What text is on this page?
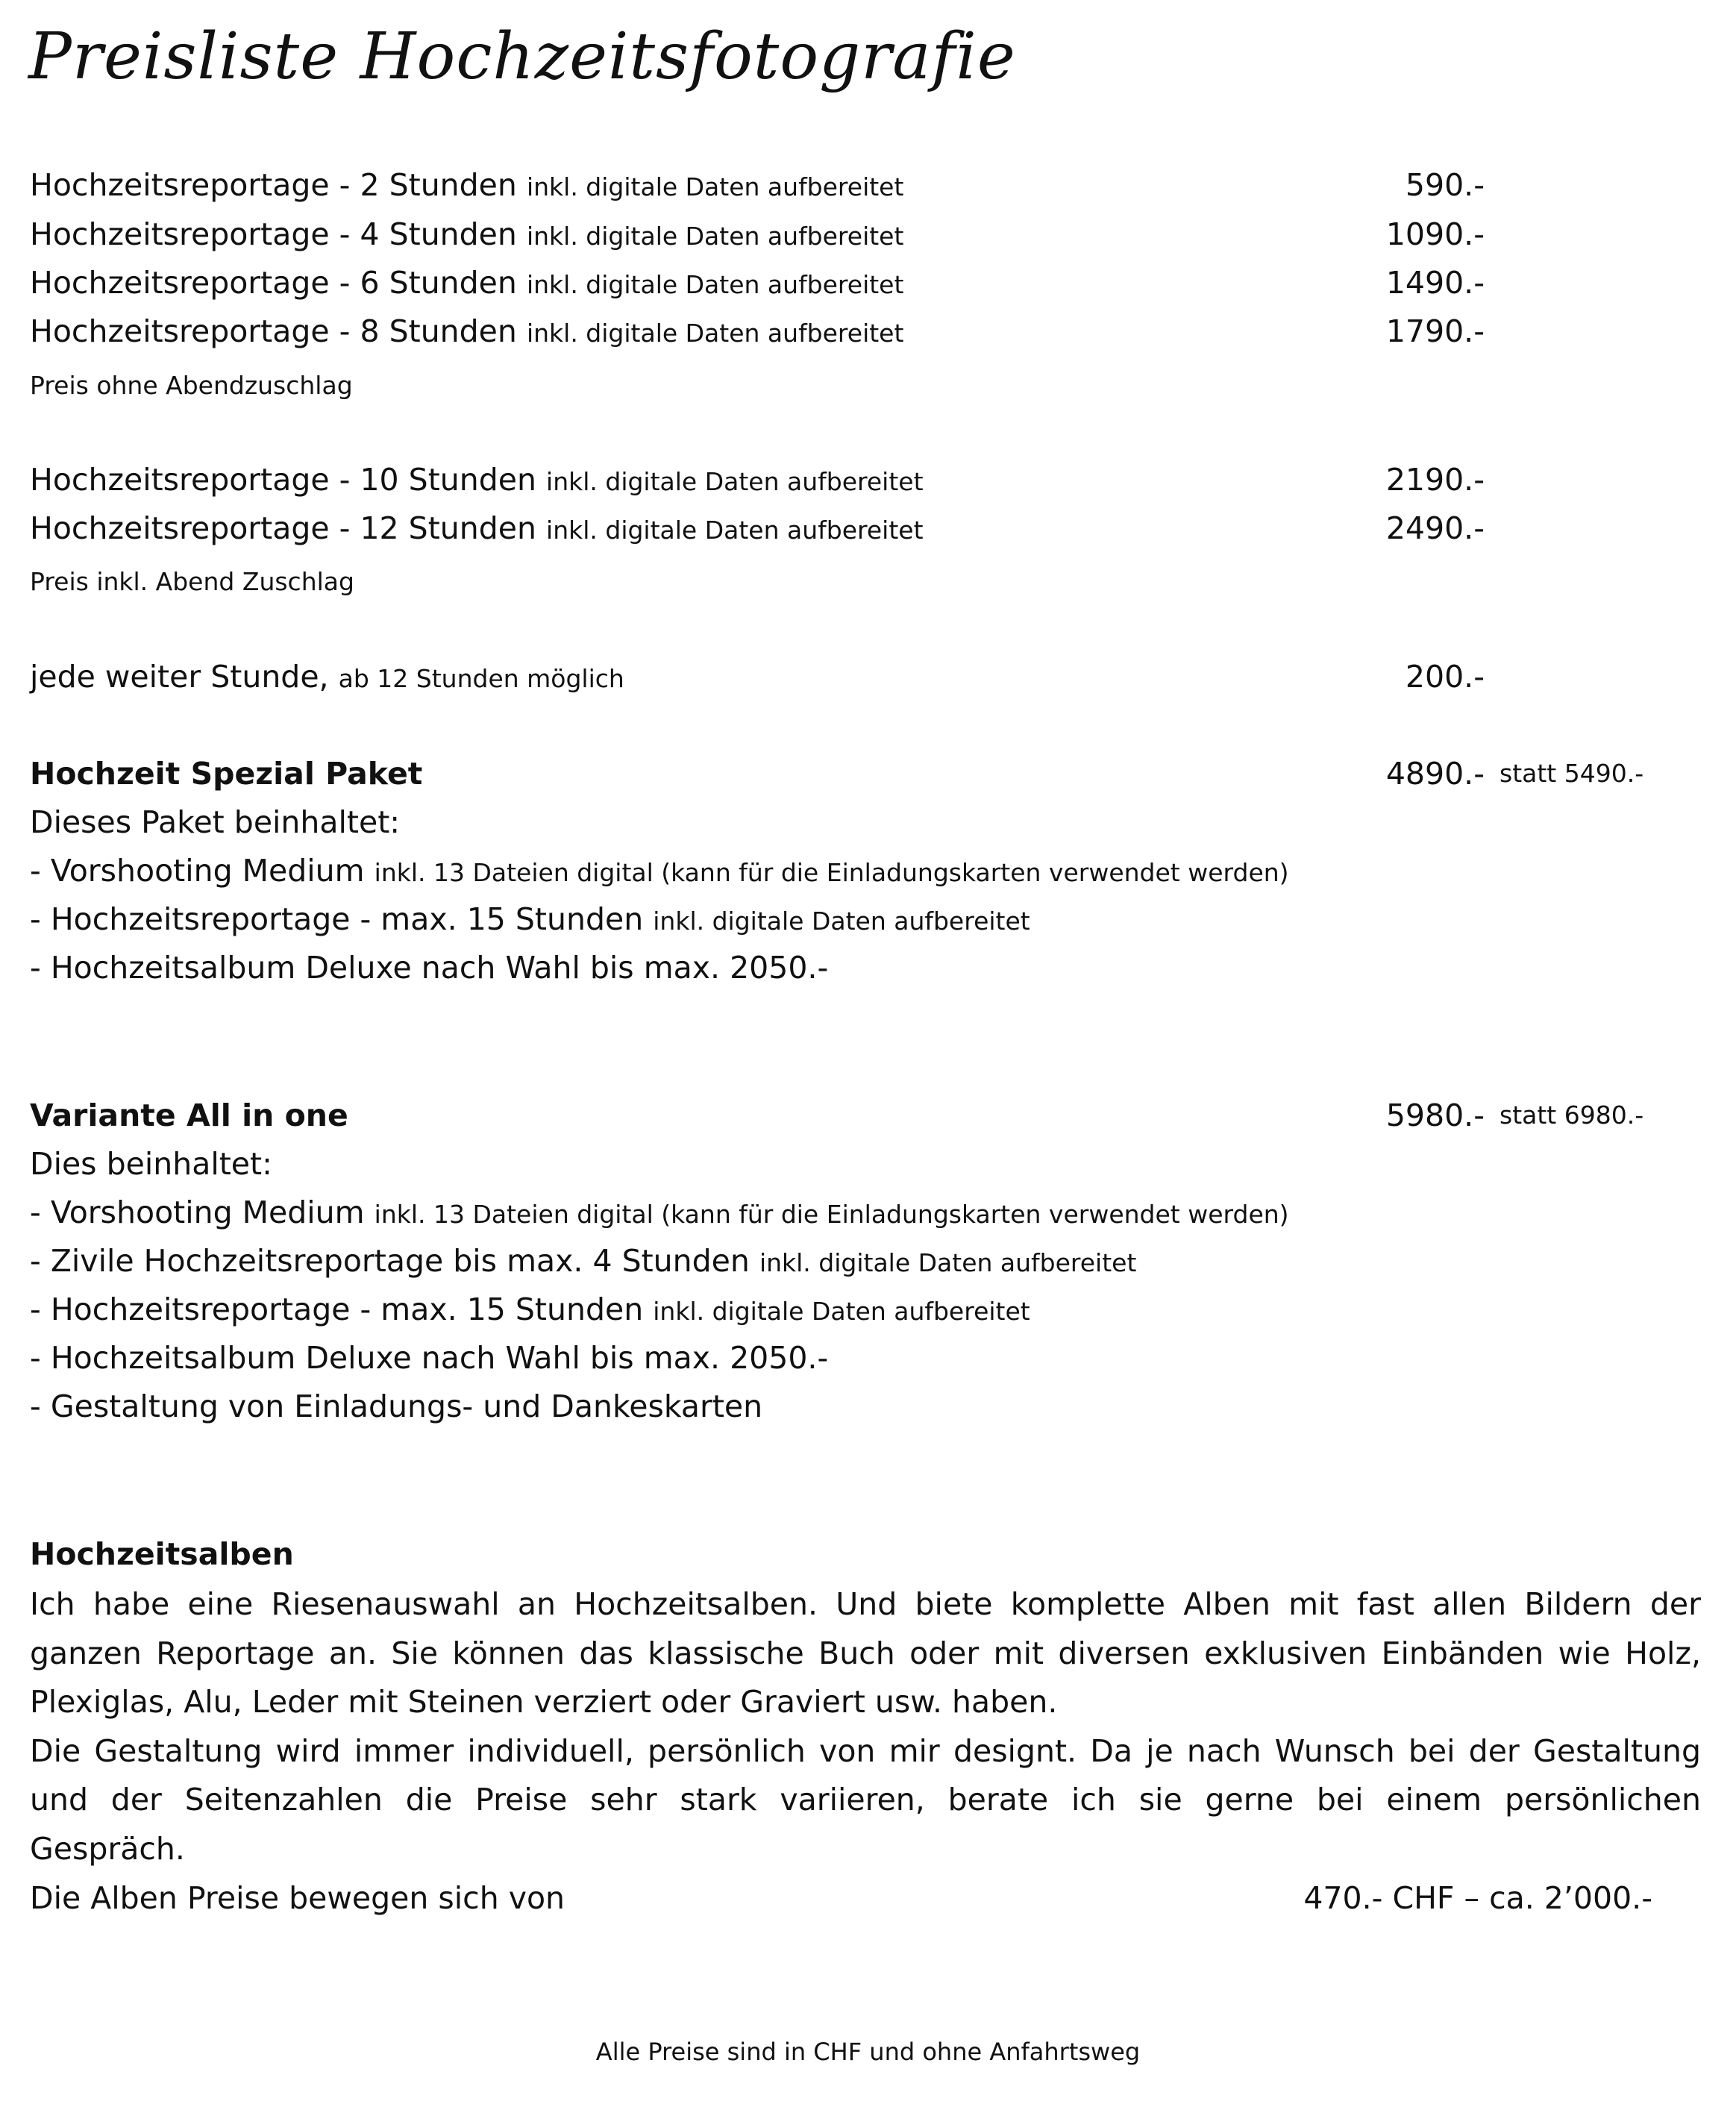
Preisliste Hochzeitsfotografie
Hochzeitsreportage - 2 Stunden inkl. digitale Daten aufbereitet	590.-
Hochzeitsreportage - 4 Stunden inkl. digitale Daten aufbereitet	1090.-
Hochzeitsreportage - 6 Stunden inkl. digitale Daten aufbereitet	1490.-
Hochzeitsreportage - 8 Stunden inkl. digitale Daten aufbereitet	1790.-
Preis ohne Abendzuschlag
Hochzeitsreportage - 10 Stunden inkl. digitale Daten aufbereitet	2190.-
Hochzeitsreportage - 12 Stunden inkl. digitale Daten aufbereitet	2490.-
Preis inkl. Abend Zuschlag
jede weiter Stunde, ab 12 Stunden möglich	200.-
Hochzeit Spezial Paket	4890.- statt 5490.-
Dieses Paket beinhaltet:
- Vorshooting Medium inkl. 13 Dateien digital (kann für die Einladungskarten verwendet werden)
- Hochzeitsreportage - max. 15 Stunden inkl. digitale Daten aufbereitet
- Hochzeitsalbum Deluxe nach Wahl bis max. 2050.-
Variante All in one	5980.- statt 6980.-
Dies beinhaltet:
- Vorshooting Medium inkl. 13 Dateien digital (kann für die Einladungskarten verwendet werden)
- Zivile Hochzeitsreportage bis max. 4 Stunden inkl. digitale Daten aufbereitet
- Hochzeitsreportage - max. 15 Stunden inkl. digitale Daten aufbereitet
- Hochzeitsalbum Deluxe nach Wahl bis max. 2050.-
- Gestaltung von Einladungs- und Dankeskarten
Hochzeitsalben
Ich habe eine Riesenauswahl an Hochzeitsalben. Und biete komplette Alben mit fast allen Bildern der
ganzen Reportage an. Sie können das klassische Buch oder mit diversen exklusiven Einbänden wie Holz,
Plexiglas, Alu, Leder mit Steinen verziert oder Graviert usw. haben.
Die Gestaltung wird immer individuell, persönlich von mir designt. Da je nach Wunsch bei der Gestaltung
und der Seitenzahlen die Preise sehr stark variieren, berate ich sie gerne bei einem persönlichen
Gespräch.
Die Alben Preise bewegen sich von	470.- CHF – ca. 2’000.-
Alle Preise sind in CHF und ohne Anfahrtsweg
